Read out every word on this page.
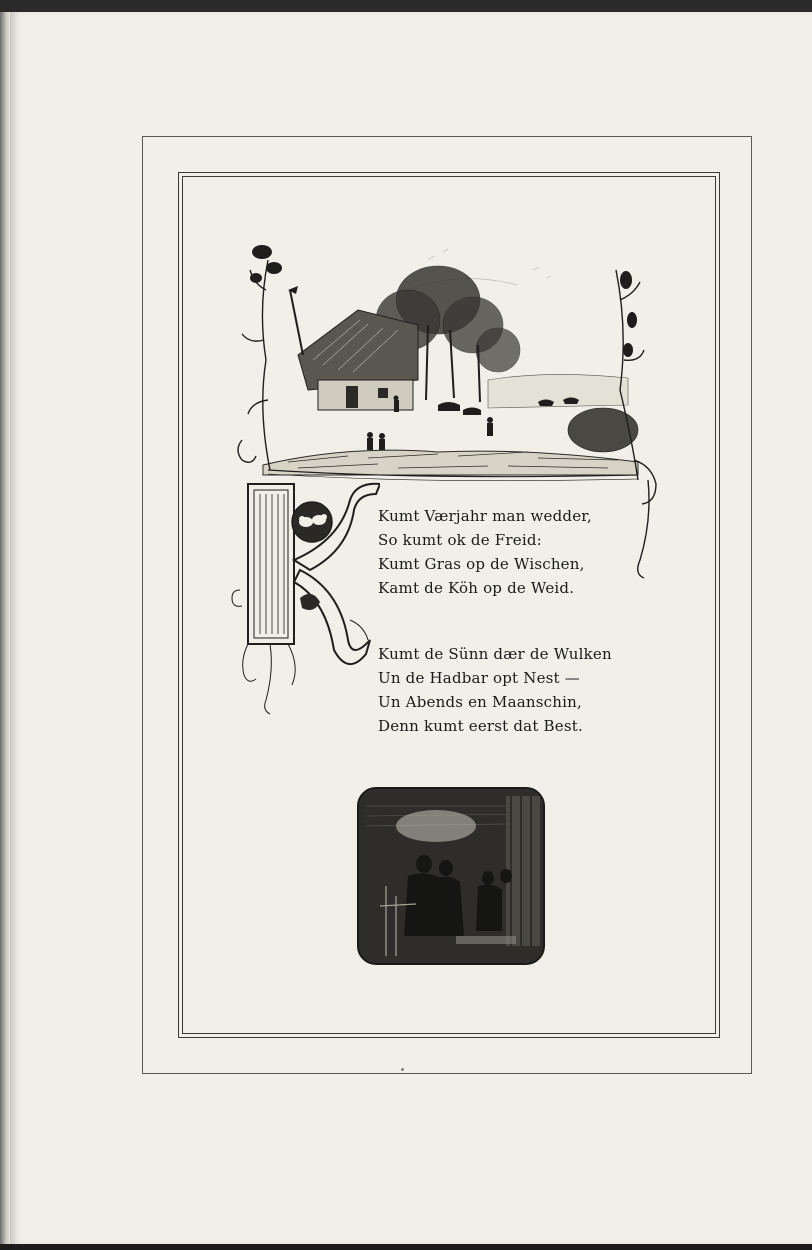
Kumt Værjahr man wedder,
So kumt ok de Freid:
Kumt Gras op de Wischen,
Kamt de Köh op de Weid.
Kumt de Sünn dær de Wulken
Un de Hadbar opt Nest —
Un Abends en Maanschin,
Denn kumt eerst dat Best.
